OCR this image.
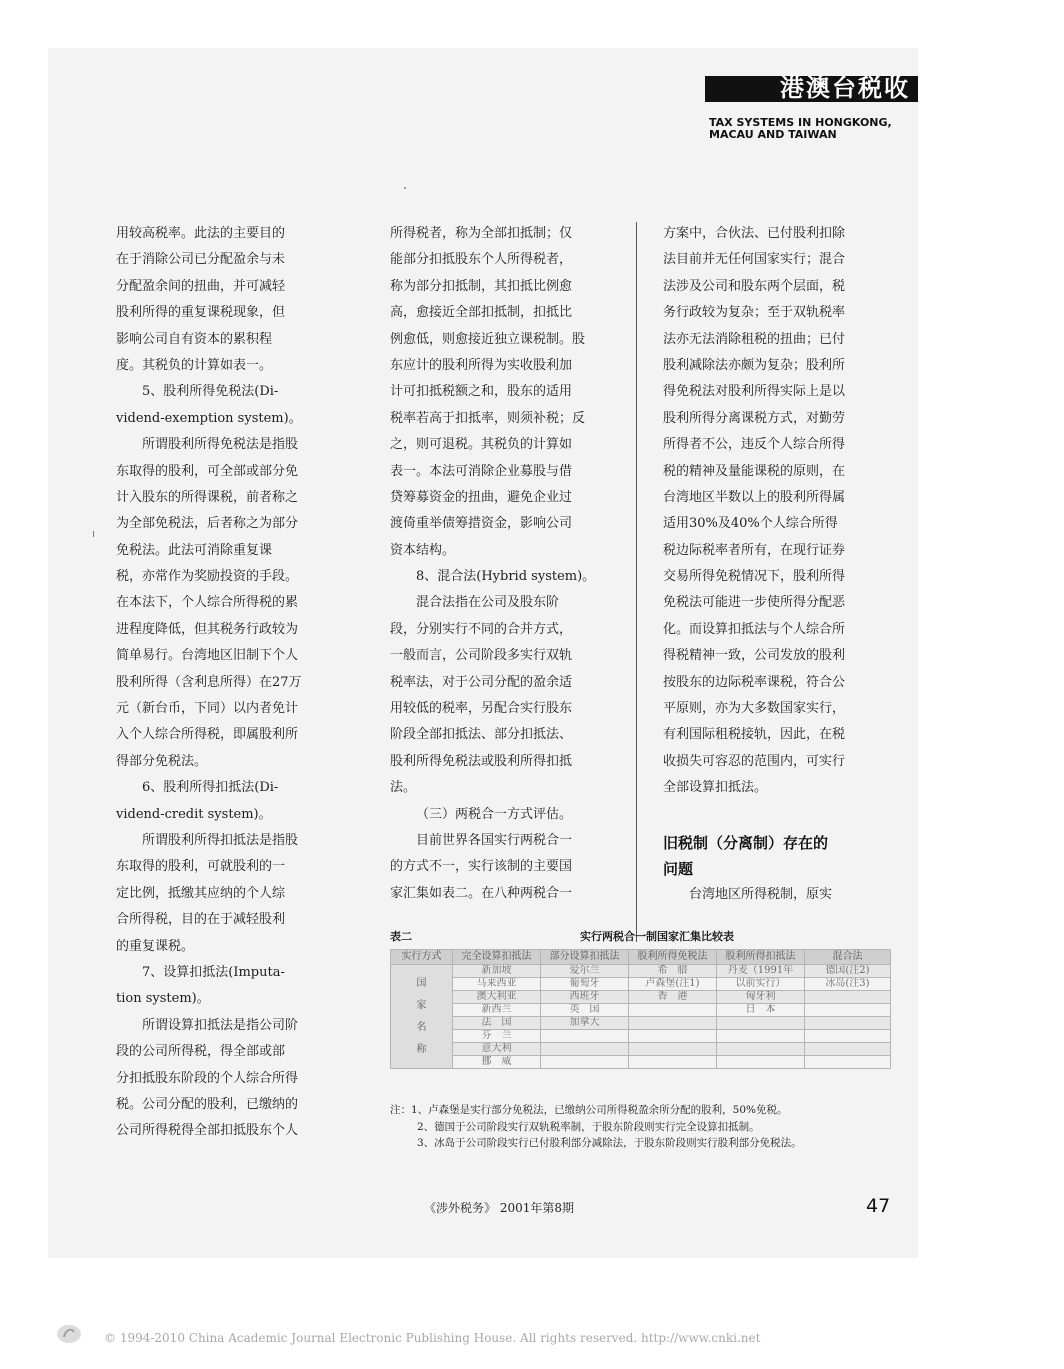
港澳台税收
TAX SYSTEMS IN HONGKONG,
MACAU AND TAIWAN
用较高税率。此法的主要目的
在于消除公司已分配盈余与未
分配盈余间的扭曲，并可减轻
股利所得的重复课税现象，但
影响公司自有资本的累积程
度。其税负的计算如表一。
5、股利所得免税法(Di-
vidend-exemption system)。
所谓股利所得免税法是指股
东取得的股利，可全部或部分免
计入股东的所得课税，前者称之
为全部免税法，后者称之为部分
免税法。此法可消除重复课
税，亦常作为奖励投资的手段。
在本法下，个人综合所得税的累
进程度降低，但其税务行政较为
简单易行。台湾地区旧制下个人
股利所得（含利息所得）在27万
元（新台币，下同）以内者免计
入个人综合所得税，即属股利所
得部分免税法。
6、股利所得扣抵法(Di-
vidend-credit system)。
所谓股利所得扣抵法是指股
东取得的股利，可就股利的一
定比例，抵缴其应纳的个人综
合所得税，目的在于减轻股利
的重复课税。
7、设算扣抵法(Imputa-
tion system)。
所谓设算扣抵法是指公司阶
段的公司所得税，得全部或部
分扣抵股东阶段的个人综合所得
税。公司分配的股利，已缴纳的
公司所得税得全部扣抵股东个人
所得税者，称为全部扣抵制；仅
能部分扣抵股东个人所得税者，
称为部分扣抵制，其扣抵比例愈
高，愈接近全部扣抵制，扣抵比
例愈低，则愈接近独立课税制。股
东应计的股利所得为实收股利加
计可扣抵税额之和，股东的适用
税率若高于扣抵率，则须补税；反
之，则可退税。其税负的计算如
表一。本法可消除企业募股与借
贷筹募资金的扭曲，避免企业过
渡倚重举债筹措资金，影响公司
资本结构。
8、混合法(Hybrid system)。
混合法指在公司及股东阶
段，分别实行不同的合并方式，
一般而言，公司阶段多实行双轨
税率法，对于公司分配的盈余适
用较低的税率，另配合实行股东
阶段全部扣抵法、部分扣抵法、
股利所得免税法或股利所得扣抵
法。
（三）两税合一方式评估。
目前世界各国实行两税合一
的方式不一，实行该制的主要国
家汇集如表二。在八种两税合一
方案中，合伙法、已付股利扣除
法目前并无任何国家实行；混合
法涉及公司和股东两个层面，税
务行政较为复杂；至于双轨税率
法亦无法消除租税的扭曲；已付
股利减除法亦颇为复杂；股利所
得免税法对股利所得实际上是以
股利所得分离课税方式，对勤劳
所得者不公，违反个人综合所得
税的精神及量能课税的原则，在
台湾地区半数以上的股利所得属
适用30%及40%个人综合所得
税边际税率者所有，在现行证券
交易所得免税情况下，股利所得
免税法可能进一步使所得分配恶
化。而设算扣抵法与个人综合所
得税精神一致，公司发放的股利
按股东的边际税率课税，符合公
平原则，亦为大多数国家实行，
有利国际租税接轨，因此，在税
收损失可容忍的范围内，可实行
全部设算扣抵法。
旧税制（分离制）存在的
问题
台湾地区所得税制，原实
表二	实行两税合一制国家汇集比较表
实行方式	完全设算扣抵法	部分设算扣抵法	股利所得免税法	股利所得扣抵法	混合法

国
家
名
称	新加坡	爱尔兰	希　腊	丹麦（1991年	德国(注2)
	马来西亚	葡萄牙	卢森堡(注1)	以前实行）	冰岛(注3)
	澳大利亚	西班牙	香　港	匈牙利	
	新西兰	英　国		日　本	
	法　国	加拿大			
	芬　兰				
	意大利				
	挪　威				
注：1、卢森堡是实行部分免税法，已缴纳公司所得税盈余所分配的股利，50%免税。
2、德国于公司阶段实行双轨税率制，于股东阶段则实行完全设算扣抵制。
3、冰岛于公司阶段实行已付股利部分减除法，于股东阶段则实行股利部分免税法。
《涉外税务》 2001年第8期	47
© 1994-2010 China Academic Journal Electronic Publishing House. All rights reserved. http://www.cnki.net
